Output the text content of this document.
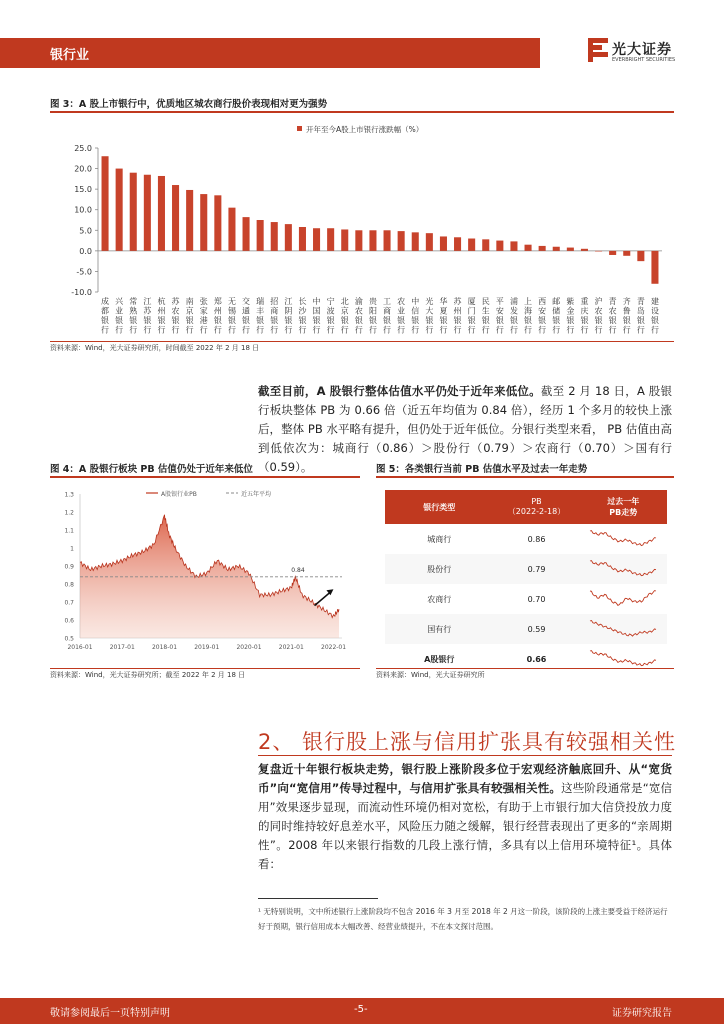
银行业	光大证券
EVERBRIGHT SECURITIES
图 3：A 股上市银行中，优质地区城农商行股价表现相对更为强势
开年至今A股上市银行涨跌幅（%）
25.0
20.0
15.0
10.0
5.0
0.0
-5.0
-10.0
成都银行
兴业银行
常熟银行
江苏银行
杭州银行
苏农银行
南京银行
张家港行
郑州银行
无锡银行
交通银行
瑞丰银行
招商银行
江阴银行
长沙银行
中国银行
宁波银行
北京银行
渝农银行
贵阳银行
工商银行
农业银行
中信银行
光大银行
华夏银行
苏州银行
厦门银行
民生银行
平安银行
浦发银行
上海银行
西安银行
邮储银行
紫金银行
重庆银行
沪农银行
青农银行
齐鲁银行
青岛银行
建设银行
资料来源：Wind，光大证券研究所，时间截至 2022 年 2 月 18 日
截至目前，A 股银行整体估值水平仍处于近年来低位。截至 2 月 18 日，A 股银行板块整体 PB 为 0.66 倍（近五年均值为 0.84 倍），经历 1 个多月的较快上涨后，整体 PB 水平略有提升，但仍处于近年低位。分银行类型来看， PB 估值由高到低依次为：城商行（0.86）＞股份行（0.79）＞农商行（0.70）＞国有行（0.59）。
图 4：A 股银行板块 PB 估值仍处于近年来低位
A股银行业PB	近五年平均
1.3
1.2
1.1
1
0.9
0.8
0.7
0.6
0.5
2016-01	2017-01	2018-01	2019-01	2020-01	2021-01	2022-01
0.84
资料来源：Wind，光大证券研究所；截至 2022 年 2 月 18 日
图 5：各类银行当前 PB 估值水平及过去一年走势
银行类型	PB
（2022-2-18）	过去一年
PB走势
城商行	0.86	
股份行	0.79	
农商行	0.70	
国有行	0.59	
A股银行	0.66	
资料来源：Wind，光大证券研究所
2、 银行股上涨与信用扩张具有较强相关性
复盘近十年银行板块走势，银行股上涨阶段多位于宏观经济触底回升、从“宽货币”向“宽信用”传导过程中，与信用扩张具有较强相关性。这些阶段通常是“宽信用”效果逐步显现，而流动性环境仍相对宽松，有助于上市银行加大信贷投放力度的同时维持较好息差水平，风险压力随之缓解，银行经营表现出了更多的“亲周期性”。2008 年以来银行指数的几段上涨行情，多具有以上信用环境特征¹。具体看：
¹ 无特别说明，文中所述银行上涨阶段均不包含 2016 年 3 月至 2018 年 2 月这一阶段，该阶段的上涨主要受益于经济运行好于预期，银行信用成本大幅改善、经营业绩提升，不在本文探讨范围。
敬请参阅最后一页特别声明	-5-	证券研究报告
